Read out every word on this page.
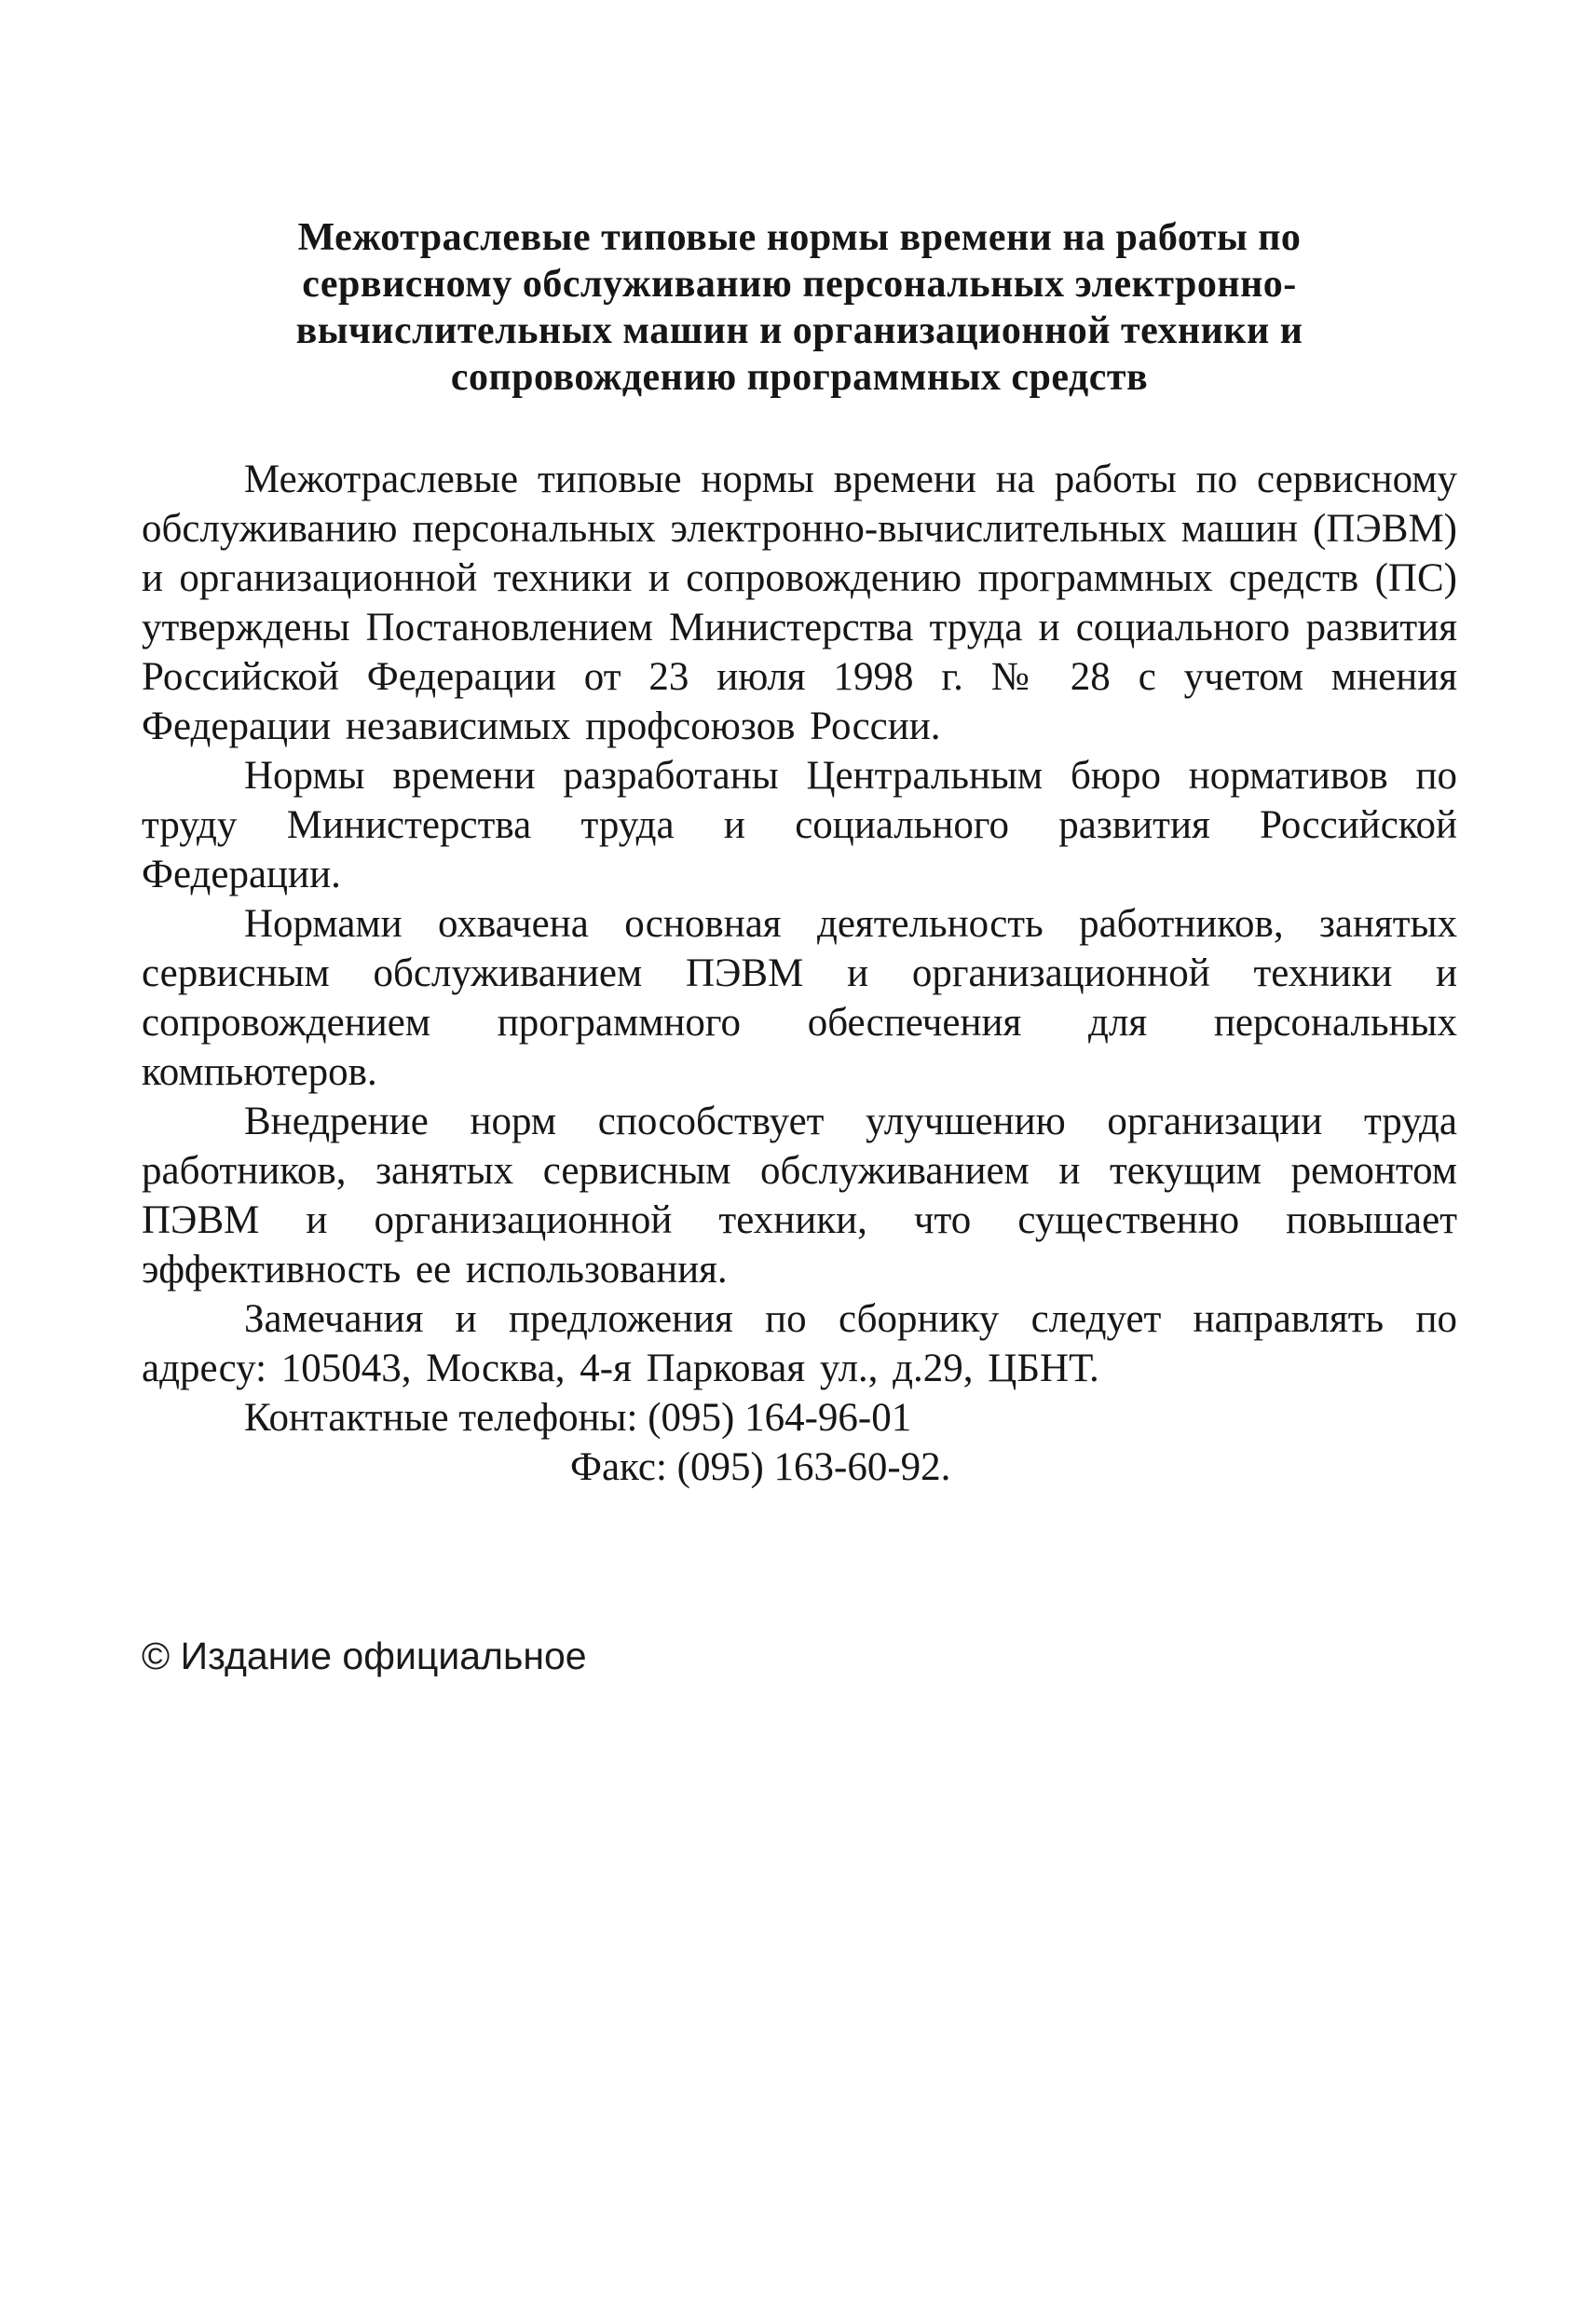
Межотраслевые типовые нормы времени на работы по
сервисному обслуживанию персональных электронно-
вычислительных машин и организационной техники и
сопровождению программных средств

Межотраслевые типовые нормы времени на работы по сервисному обслуживанию персональных электронно-вычислительных машин (ПЭВМ) и организационной техники и сопровождению программных средств (ПС) утверждены Постановлением Министерства труда и социального развития Российской Федерации от 23 июля 1998 г. № 28 с учетом мнения Федерации независимых профсоюзов России.

Нормы времени разработаны Центральным бюро нормативов по труду Министерства труда и социального развития Российской Федерации.

Нормами охвачена основная деятельность работников, занятых сервисным обслуживанием ПЭВМ и организационной техники и сопровождением программного обеспечения для персональных компьютеров.

Внедрение норм способствует улучшению организации труда работников, занятых сервисным обслуживанием и текущим ремонтом ПЭВМ и организационной техники, что существенно повышает эффективность ее использования.

Замечания и предложения по сборнику следует направлять по адресу: 105043, Москва, 4-я Парковая ул., д.29, ЦБНТ.

Контактные телефоны: (095) 164-96-01
Факс: (095) 163-60-92.
© Издание официальное
